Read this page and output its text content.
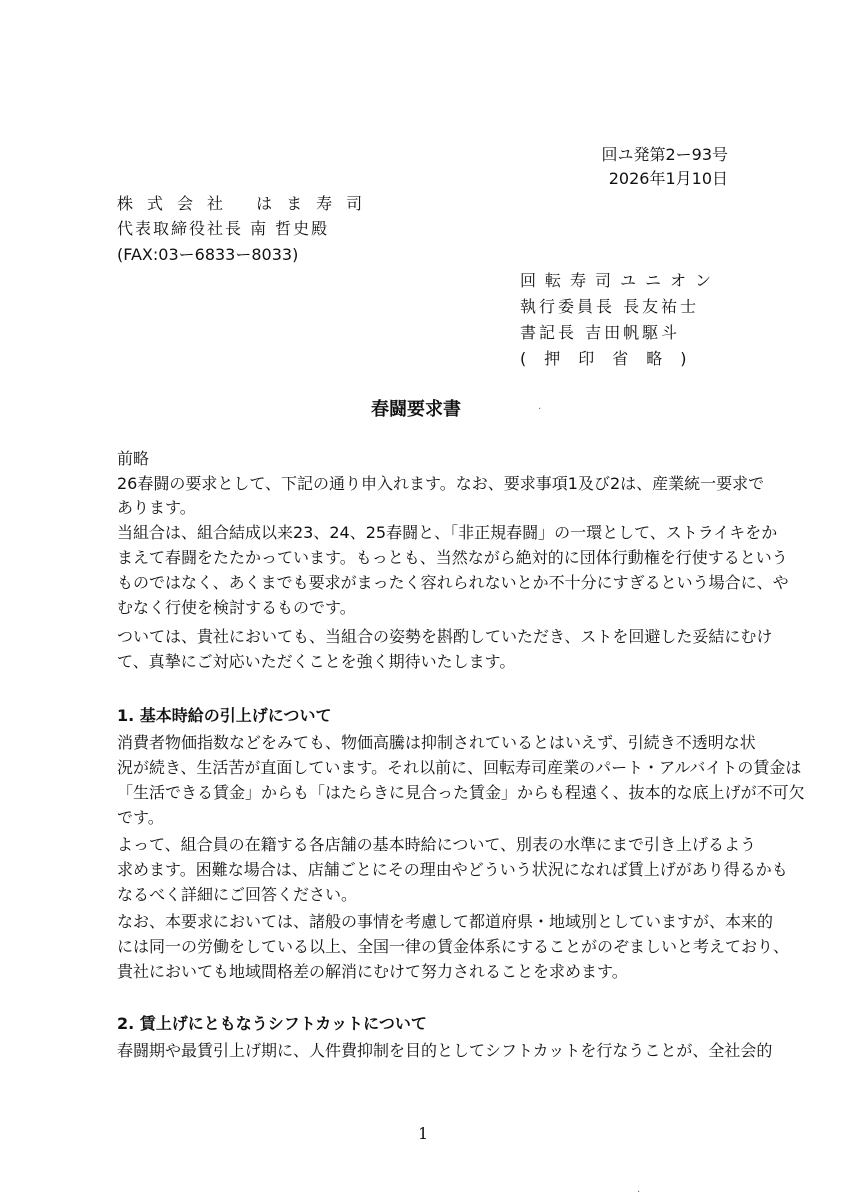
回ユ発第2ー93号
2026年1月10日
株式会社 はま寿司
代表取締役社長 南 哲史殿
(FAX:03ー6833ー8033)
回転寿司ユニオン
執行委員長 長友祐士
書記長 吉田帆駆斗
(押印省略)
春闘要求書	·
前略
26春闘の要求として、下記の通り申入れます。なお、要求事項1及び2は、産業統一要求で
あります。
当組合は、組合結成以来23、24、25春闘と、「非正規春闘」の一環として、ストライキをか
まえて春闘をたたかっています。もっとも、当然ながら絶対的に団体行動権を行使するという
ものではなく、あくまでも要求がまったく容れられないとか不十分にすぎるという場合に、や
むなく行使を検討するものです。
ついては、貴社においても、当組合の姿勢を斟酌していただき、ストを回避した妥結にむけ
て、真摯にご対応いただくことを強く期待いたします。
1. 基本時給の引上げについて
消費者物価指数などをみても、物価高騰は抑制されているとはいえず、引続き不透明な状
況が続き、生活苦が直面しています。それ以前に、回転寿司産業のパート・アルバイトの賃金は
「生活できる賃金」からも「はたらきに見合った賃金」からも程遠く、抜本的な底上げが不可欠
です。
よって、組合員の在籍する各店舗の基本時給について、別表の水準にまで引き上げるよう
求めます。困難な場合は、店舗ごとにその理由やどういう状況になれば賃上げがあり得るかも
なるべく詳細にご回答ください。
なお、本要求においては、諸般の事情を考慮して都道府県・地域別としていますが、本来的
には同一の労働をしている以上、全国一律の賃金体系にすることがのぞましいと考えており、
貴社においても地域間格差の解消にむけて努力されることを求めます。
2. 賃上げにともなうシフトカットについて
春闘期や最賃引上げ期に、人件費抑制を目的としてシフトカットを行なうことが、全社会的
1
·
